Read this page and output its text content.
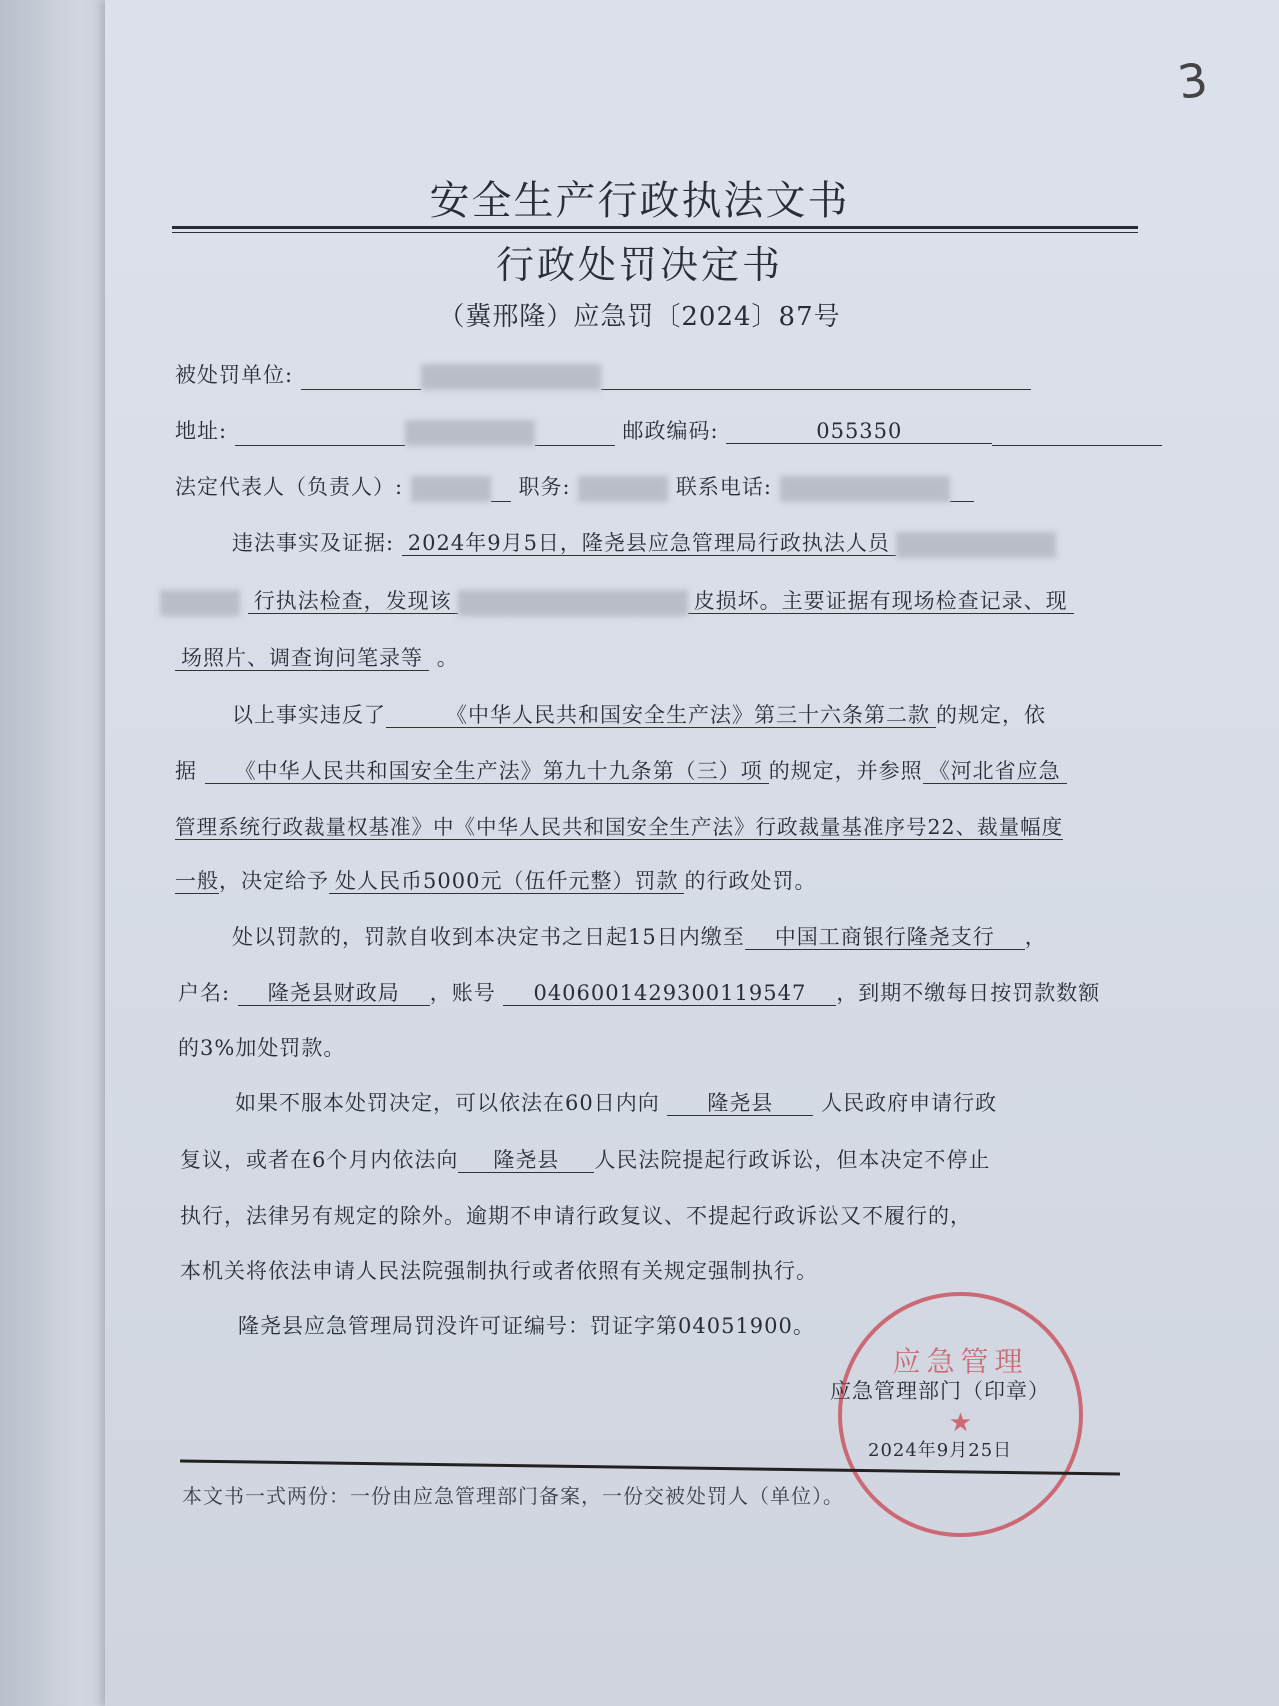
3
安全生产行政执法文书
行政处罚决定书
（冀邢隆）应急罚〔2024〕87号
被处罚单位:
地址:	邮政编码:	055350
法定代表人（负责人）:	职务:	联系电话:
违法事实及证据: 2024年9月5日，隆尧县应急管理局行政执法人员
行执法检查，发现该	皮损坏。主要证据有现场检查记录、现
场照片、调查询问笔录等 。
以上事实违反了	《中华人民共和国安全生产法》第三十六条第二款 的规定，依
据 《中华人民共和国安全生产法》第九十九条第（三）项 的规定，并参照 《河北省应急
管理系统行政裁量权基准》中《中华人民共和国安全生产法》行政裁量基准序号22、裁量幅度
一般，决定给予 处人民币5000元（伍仟元整）罚款 的行政处罚。
处以罚款的，罚款自收到本决定书之日起15日内缴至 中国工商银行隆尧支行 ，
户名: 隆尧县财政局 ，账号 0406001429300119547 ，到期不缴每日按罚款数额
的3%加处罚款。
如果不服本处罚决定，可以依法在60日内向 隆尧县 人民政府申请行政
复议，或者在6个月内依法向 隆尧县 人民法院提起行政诉讼，但本决定不停止
执行，法律另有规定的除外。逾期不申请行政复议、不提起行政诉讼又不履行的，
本机关将依法申请人民法院强制执行或者依照有关规定强制执行。
隆尧县应急管理局罚没许可证编号：罚证字第04051900。
应急管理
★
应急管理部门（印章）
2024年9月25日
本文书一式两份：一份由应急管理部门备案，一份交被处罚人（单位）。
